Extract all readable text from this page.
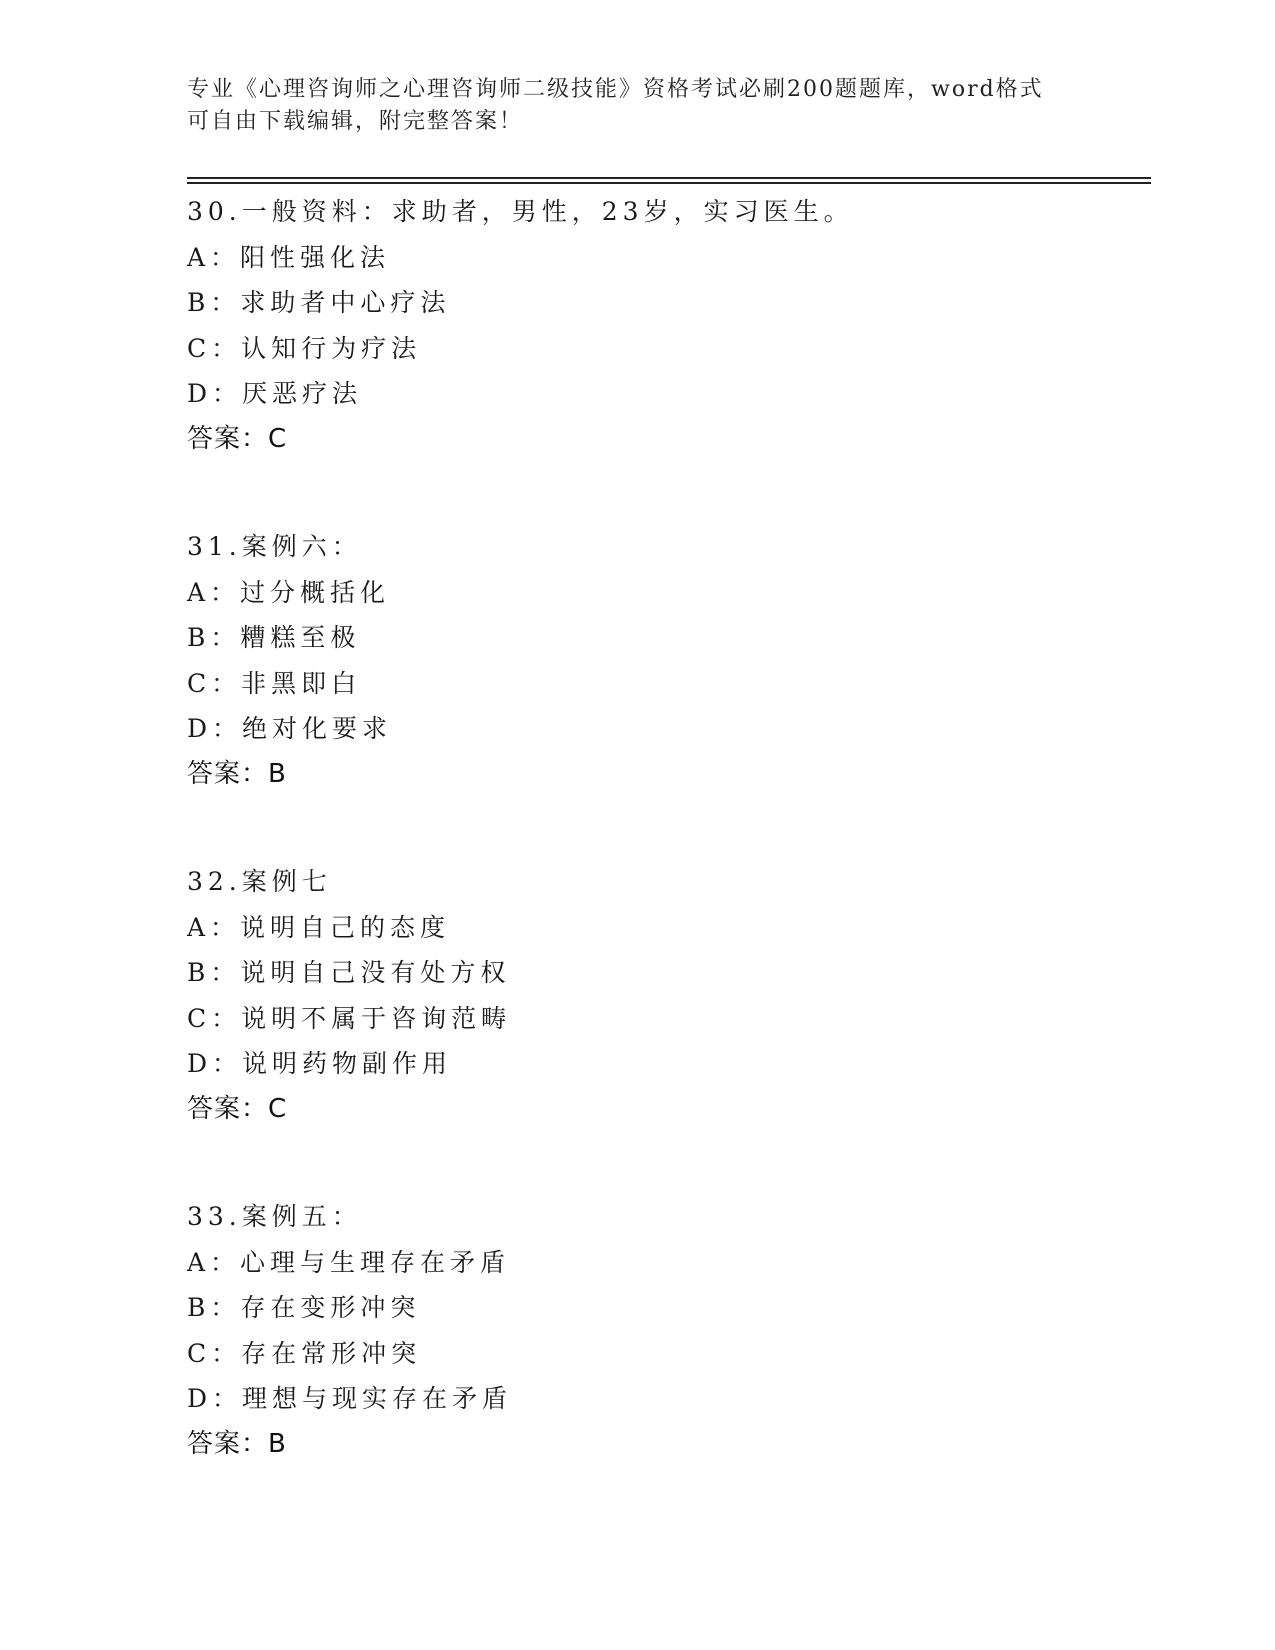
专业《心理咨询师之心理咨询师二级技能》资格考试必刷200题题库，word格式
可自由下载编辑，附完整答案！
30.一般资料：求助者，男性，23岁，实习医生。
A：阳性强化法
B：求助者中心疗法
C：认知行为疗法
D：厌恶疗法
答案：C
31.案例六：
A：过分概括化
B：糟糕至极
C：非黑即白
D：绝对化要求
答案：B
32.案例七
A：说明自己的态度
B：说明自己没有处方权
C：说明不属于咨询范畴
D：说明药物副作用
答案：C
33.案例五：
A：心理与生理存在矛盾
B：存在变形冲突
C：存在常形冲突
D：理想与现实存在矛盾
答案：B
